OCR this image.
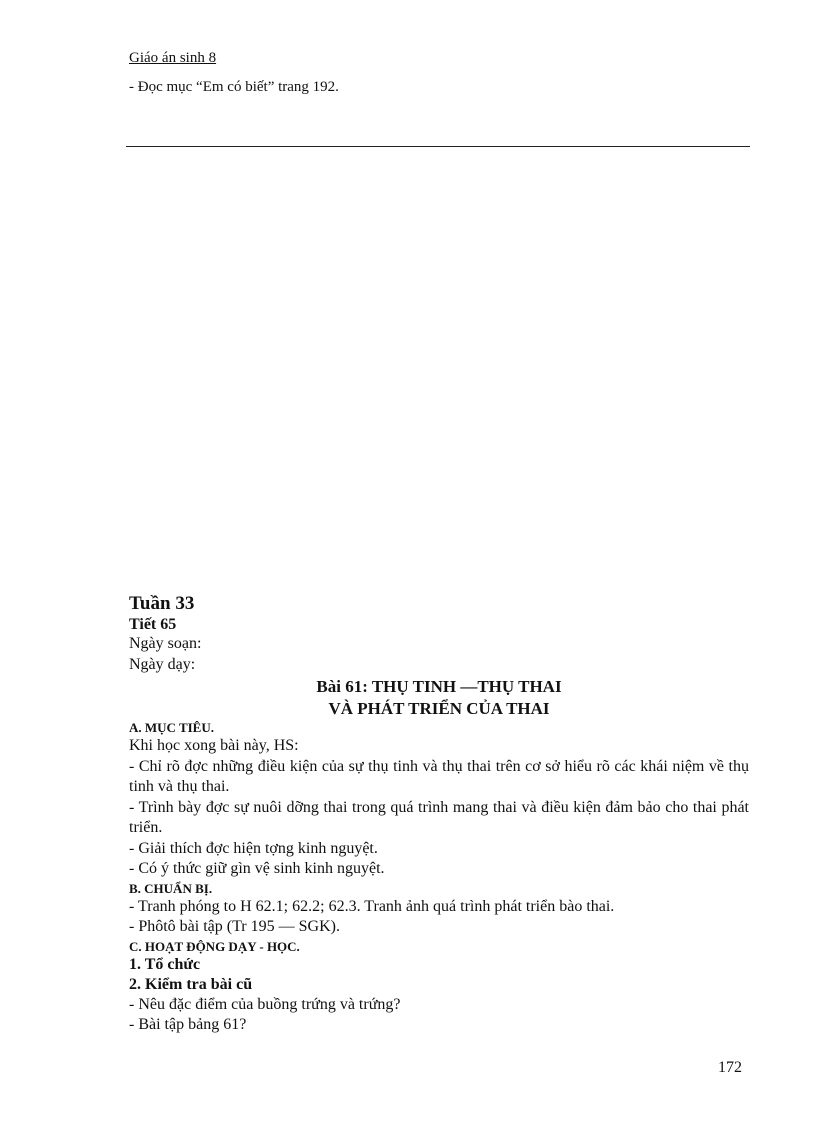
Giáo án sinh 8
- Đọc mục “Em có biết” trang 192.
Tuần 33
Tiết 65
Ngày soạn:
Ngày dạy:
Bài 61: THỤ TINH —THỤ THAI
VÀ PHÁT TRIỂN CỦA THAI
A. MỤC TIÊU.
Khi học xong bài này, HS:
- Chỉ rõ đợc những điều kiện của sự thụ tinh và thụ thai trên cơ sở hiểu rõ các khái niệm về thụ tinh và thụ thai.
- Trình bày đợc sự nuôi dỡng thai trong quá trình mang thai và điều kiện đảm bảo cho thai phát triển.
- Giải thích đợc hiện tợng kinh nguyệt.
- Có ý thức giữ gìn vệ sinh kinh nguyệt.
B. CHUẨN BỊ.
- Tranh phóng to H 62.1; 62.2; 62.3. Tranh ảnh quá trình phát triển bào thai.
- Phôtô bài tập (Tr 195 — SGK).
C. HOẠT ĐỘNG DẠY - HỌC.
1. Tổ chức
2. Kiểm tra bài cũ
- Nêu đặc điểm của buồng trứng và trứng?
- Bài tập bảng 61?
172
